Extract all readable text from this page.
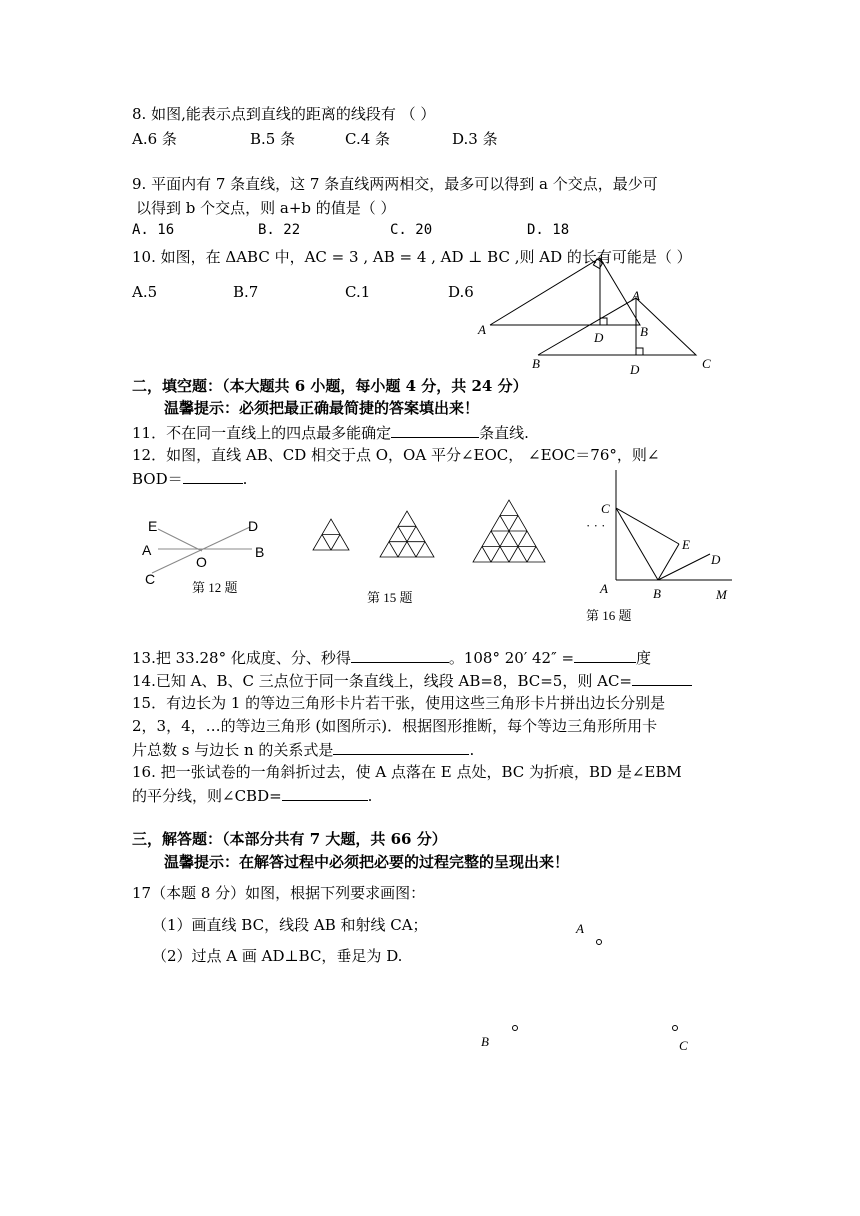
8. 如图,能表示点到直线的距离的线段有 （ ）
A.6 条	B.5 条	C.4 条	D.3 条
9. 平面内有 7 条直线，这 7 条直线两两相交，最多可以得到 a 个交点，最少可
以得到 b 个交点，则 a+b 的值是（ ）
A. 16	B. 22	C. 20	D. 18
10. 如图，在 ΔABC 中，AC = 3 , AB = 4 , AD ⊥ BC ,则 AD 的长有可能是（ ）
A.5	B.7	C.1	D.6
A
D	B
A
B	D	C
二，填空题：（本大题共 6 小题，每小题 4 分，共 24 分）
温馨提示：必须把最正确最简捷的答案填出来！
11．不在同一直线上的四点最多能确定	条直线.
12．如图，直线 AB、CD 相交于点 O，OA 平分∠EOC， ∠EOC＝76°，则∠
BOD＝	.
E	D
A
O
B
C
第 12 题
第 15 题
· · ·
C
E
D
A	B	M
第 16 题
13.把 33.28° 化成度、分、秒得	。108° 20′ 42″ =	度
14.已知 A、B、C 三点位于同一条直线上，线段 AB=8，BC=5，则 AC=
15．有边长为 1 的等边三角形卡片若干张，使用这些三角形卡片拼出边长分别是
2，3，4，…的等边三角形 (如图所示)．根据图形推断，每个等边三角形所用卡
片总数 s 与边长 n 的关系式是	.
16. 把一张试卷的一角斜折过去，使 A 点落在 E 点处，BC 为折痕，BD 是∠EBM
的平分线，则∠CBD=	.
三，解答题：（本部分共有 7 大题，共 66 分）
温馨提示：在解答过程中必须把必要的过程完整的呈现出来！
17（本题 8 分）如图，根据下列要求画图：
（1）画直线 BC，线段 AB 和射线 CA；
（2）过点 A 画 AD⊥BC，垂足为 D.
A
B	C
